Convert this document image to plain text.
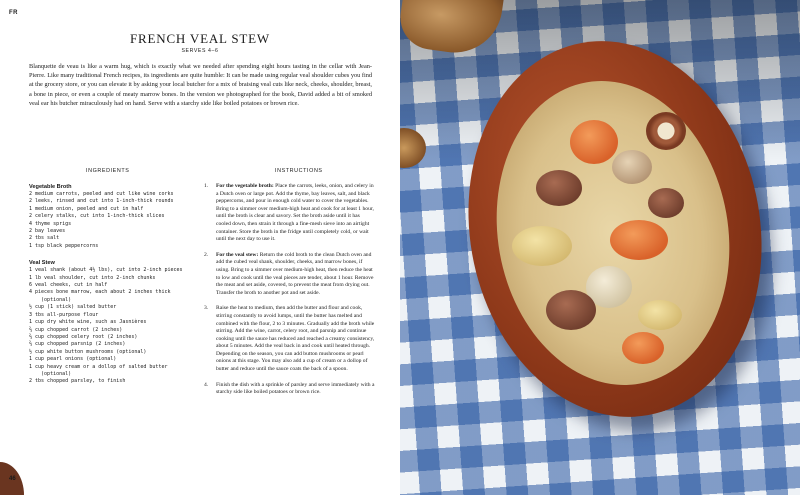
FR
FRENCH VEAL STEW
SERVES 4–6
Blanquette de veau is like a warm hug, which is exactly what we needed after spending eight hours tasting in the cellar with Jean-Pierre. Like many traditional French recipes, its ingredients are quite humble: It can be made using regular veal shoulder cubes you find at the grocery store, or you can elevate it by asking your local butcher for a mix of braising veal cuts like neck, cheeks, shoulder, breast, a bone in piece, or even a couple of meaty marrow bones. In the version we photographed for the book, David added a bit of smoked veal ear his butcher miraculously had on hand. Serve with a starchy side like boiled potatoes or brown rice.
INGREDIENTS	INSTRUCTIONS
Vegetable Broth
2 medium carrots, peeled and cut like wine corks
2 leeks, rinsed and cut into 1-inch-thick rounds
1 medium onion, peeled and cut in half
2 celery stalks, cut into 1-inch-thick slices
4 thyme sprigs
2 bay leaves
2 tbs salt
1 tsp black peppercorns
Veal Stew
1 veal shank (about 4½ lbs), cut into 2-inch pieces
1 lb veal shoulder, cut into 2-inch chunks
6 veal cheeks, cut in half
4 pieces bone marrow, each about 2 inches thick
(optional)
½ cup (1 stick) salted butter
3 tbs all-purpose flour
1 cup dry white wine, such as Jasnières
⅔ cup chopped carrot (2 inches)
⅔ cup chopped celery root (2 inches)
⅔ cup chopped parsnip (2 inches)
½ cup white button mushrooms (optional)
1 cup pearl onions (optional)
1 cup heavy cream or a dollop of salted butter
(optional)
2 tbs chopped parsley, to finish
1. For the vegetable broth: Place the carrots, leeks, onion, and celery in a Dutch oven or large pot. Add the thyme, bay leaves, salt, and black peppercorns, and pour in enough cold water to cover the vegetables. Bring to a simmer over medium-high heat and cook for at least 1 hour, until the broth is clear and savory. Set the broth aside until it has cooled down, then strain it through a fine-mesh sieve into an airtight container. Store the broth in the fridge until completely cold, or wait until the next day to use it.
2. For the veal stew: Return the cold broth to the clean Dutch oven and add the cubed veal shank, shoulder, cheeks, and marrow bones, if using. Bring to a simmer over medium-high heat, then reduce the heat to low and cook until the veal pieces are tender, about 1 hour. Remove the meat and set aside, covered, to prevent the meat from drying out. Transfer the broth to another pot and set aside.
3. Raise the heat to medium, then add the butter and flour and cook, stirring constantly to avoid lumps, until the butter has melted and combined with the flour, 2 to 3 minutes. Gradually add the broth while stirring. Add the wine, carrot, celery root, and parsnip and continue cooking until the sauce has reduced and reached a creamy consistency, about 5 minutes. Add the veal back in and cook until heated through. Depending on the season, you can add button mushrooms or pearl onions at this stage. You may also add a cup of cream or a dollop of butter and reduce until the sauce coats the back of a spoon.
4. Finish the dish with a sprinkle of parsley and serve immediately with a starchy side like boiled potatoes or brown rice.
46
